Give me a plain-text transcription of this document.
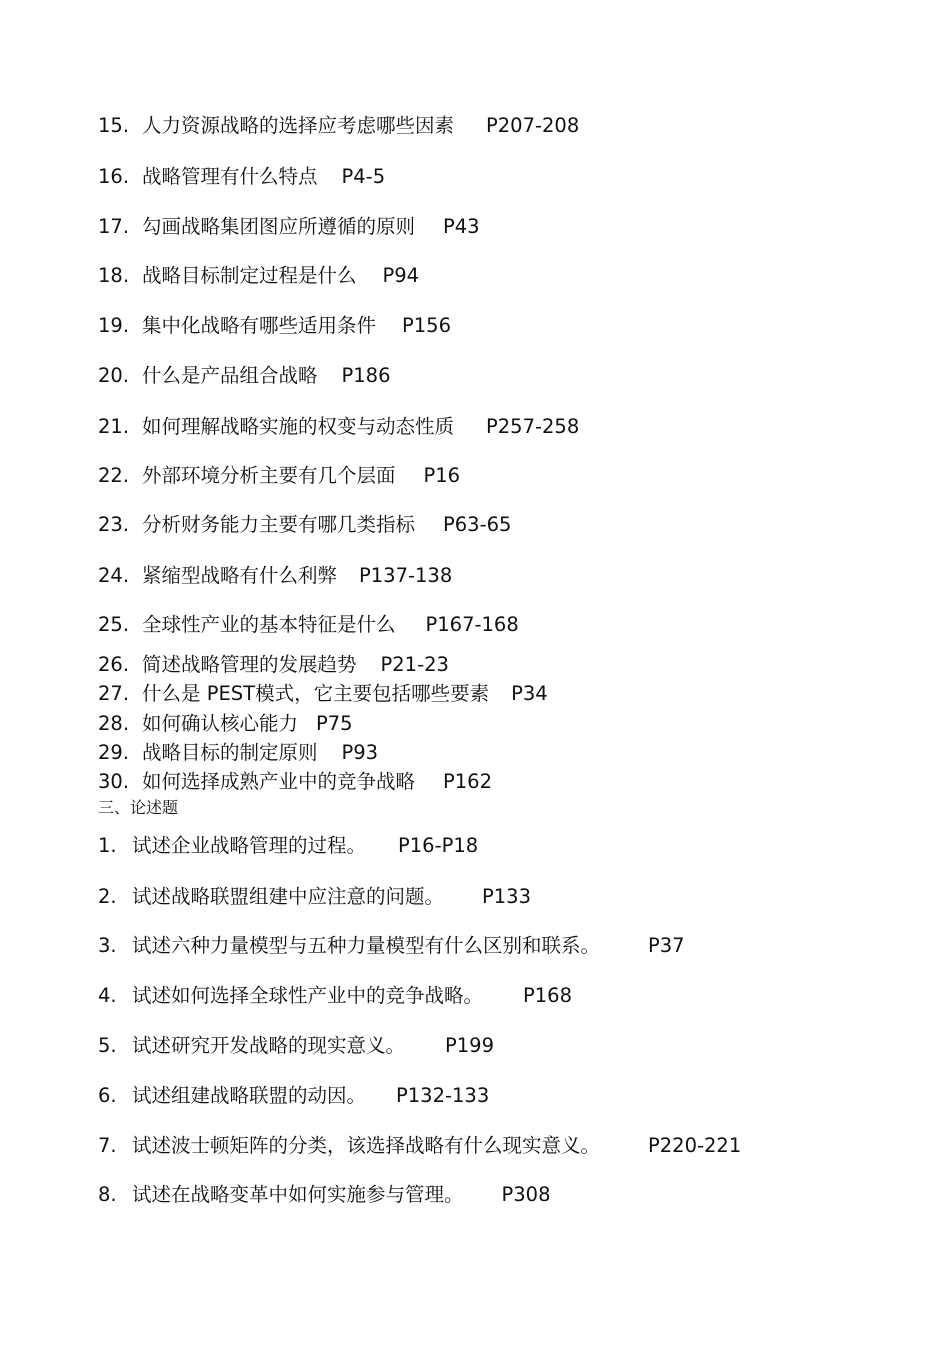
15. 人力资源战略的选择应考虑哪些因素 P207-208
16. 战略管理有什么特点 P4-5
17. 勾画战略集团图应所遵循的原则 P43
18. 战略目标制定过程是什么 P94
19. 集中化战略有哪些适用条件 P156
20. 什么是产品组合战略 P186
21. 如何理解战略实施的权变与动态性质 P257-258
22. 外部环境分析主要有几个层面 P16
23. 分析财务能力主要有哪几类指标 P63-65
24. 紧缩型战略有什么利弊 P137-138
25. 全球性产业的基本特征是什么 P167-168
26. 简述战略管理的发展趋势 P21-23
27. 什么是 PEST模式，它主要包括哪些要素 P34
28. 如何确认核心能力 P75
29. 战略目标的制定原则 P93
30. 如何选择成熟产业中的竞争战略 P162
三、论述题
1. 试述企业战略管理的过程。 P16-P18
2. 试述战略联盟组建中应注意的问题。 P133
3. 试述六种力量模型与五种力量模型有什么区别和联系。 P37
4. 试述如何选择全球性产业中的竞争战略。 P168
5. 试述研究开发战略的现实意义。 P199
6. 试述组建战略联盟的动因。 P132-133
7. 试述波士顿矩阵的分类，该选择战略有什么现实意义。 P220-221
8. 试述在战略变革中如何实施参与管理。 P308
